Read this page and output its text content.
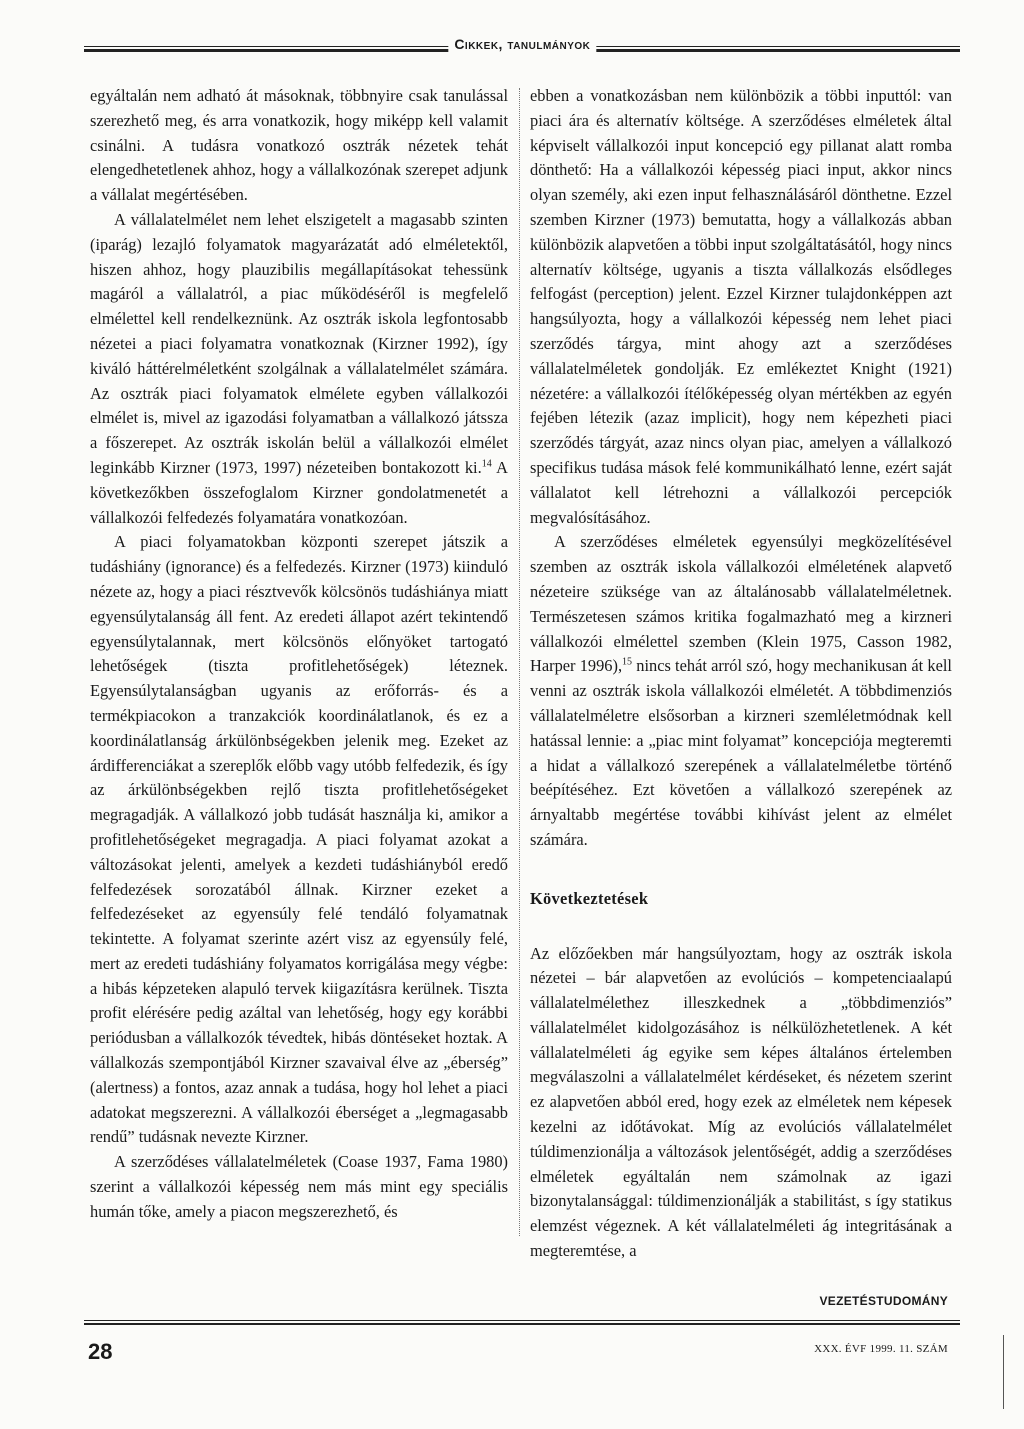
Cikkek, tanulmányok

egyáltalán nem adható át másoknak, többnyire csak tanulással szerezhető meg, és arra vonatkozik, hogy miképp kell valamit csinálni. A tudásra vonatkozó osztrák nézetek tehát elengedhetetlenek ahhoz, hogy a vállalkozónak szerepet adjunk a vállalat megértésében.

A vállalatelmélet nem lehet elszigetelt a magasabb szinten (iparág) lezajló folyamatok magyarázatát adó elméletektől, hiszen ahhoz, hogy plauzibilis megállapításokat tehessünk magáról a vállalatról, a piac működéséről is megfelelő elmélettel kell rendelkeznünk. Az osztrák iskola legfontosabb nézetei a piaci folyamatra vonatkoznak (Kirzner 1992), így kiváló háttérelméletként szolgálnak a vállalatelmélet számára. Az osztrák piaci folyamatok elmélete egyben vállalkozói elmélet is, mivel az igazodási folyamatban a vállalkozó játssza a főszerepet. Az osztrák iskolán belül a vállalkozói elmélet leginkább Kirzner (1973, 1997) nézeteiben bontakozott ki.$^{14}$ A következőkben összefoglalom Kirzner gondolatmenetét a vállalkozói felfedezés folyamatára vonatkozóan.

A piaci folyamatokban központi szerepet játszik a tudáshiány (ignorance) és a felfedezés. Kirzner (1973) kiinduló nézete az, hogy a piaci résztvevők kölcsönös tudáshiánya miatt egyensúlytalanság áll fent. Az eredeti állapot azért tekintendő egyensúlytalannak, mert kölcsönös előnyöket tartogató lehetőségek (tiszta profitlehetőségek) léteznek. Egyensúlytalanságban ugyanis az erőforrás- és a termékpiacokon a tranzakciók koordinálatlanok, és ez a koordinálatlanság árkülönbségekben jelenik meg. Ezeket az árdifferenciákat a szereplők előbb vagy utóbb felfedezik, és így az árkülönbségekben rejlő tiszta profitlehetőségeket megragadják. A vállalkozó jobb tudását használja ki, amikor a profitlehetőségeket megragadja. A piaci folyamat azokat a változásokat jelenti, amelyek a kezdeti tudáshiányból eredő felfedezések sorozatából állnak. Kirzner ezeket a felfedezéseket az egyensúly felé tendáló folyamatnak tekintette. A folyamat szerinte azért visz az egyensúly felé, mert az eredeti tudáshiány folyamatos korrigálása megy végbe: a hibás képzeteken alapuló tervek kiigazításra kerülnek. Tiszta profit elérésére pedig azáltal van lehetőség, hogy egy korábbi periódusban a vállalkozók tévedtek, hibás döntéseket hoztak. A vállalkozás szempontjából Kirzner szavaival élve az „éberség” (alertness) a fontos, azaz annak a tudása, hogy hol lehet a piaci adatokat megszerezni. A vállalkozói éberséget a „legmagasabb rendű” tudásnak nevezte Kirzner.

A szerződéses vállalatelméletek (Coase 1937, Fama 1980) szerint a vállalkozói képesség nem más mint egy speciális humán tőke, amely a piacon megszerezhető, és

ebben a vonatkozásban nem különbözik a többi inputtól: van piaci ára és alternatív költsége. A szerződéses elméletek által képviselt vállalkozói input koncepció egy pillanat alatt romba dönthető: Ha a vállalkozói képesség piaci input, akkor nincs olyan személy, aki ezen input felhasználásáról dönthetne. Ezzel szemben Kirzner (1973) bemutatta, hogy a vállalkozás abban különbözik alapvetően a többi input szolgáltatásától, hogy nincs alternatív költsége, ugyanis a tiszta vállalkozás elsődleges felfogást (perception) jelent. Ezzel Kirzner tulajdonképpen azt hangsúlyozta, hogy a vállalkozói képesség nem lehet piaci szerződés tárgya, mint ahogy azt a szerződéses vállalatelméletek gondolják. Ez emlékeztet Knight (1921) nézetére: a vállalkozói ítélőképesség olyan mértékben az egyén fejében létezik (azaz implicit), hogy nem képezheti piaci szerződés tárgyát, azaz nincs olyan piac, amelyen a vállalkozó specifikus tudása mások felé kommunikálható lenne, ezért saját vállalatot kell létrehozni a vállalkozói percepciók megvalósításához.

A szerződéses elméletek egyensúlyi megközelítésével szemben az osztrák iskola vállalkozói elméletének alapvető nézeteire szüksége van az általánosabb vállalatelméletnek. Természetesen számos kritika fogalmazható meg a kirzneri vállalkozói elmélettel szemben (Klein 1975, Casson 1982, Harper 1996),$^{15}$ nincs tehát arról szó, hogy mechanikusan át kell venni az osztrák iskola vállalkozói elméletét. A többdimenziós vállalatelméletre elsősorban a kirzneri szemléletmódnak kell hatással lennie: a „piac mint folyamat” koncepciója megteremti a hidat a vállalkozó szerepének a vállalatelméletbe történő beépítéséhez. Ezt követően a vállalkozó szerepének az árnyaltabb megértése további kihívást jelent az elmélet számára.

Következtetések

Az előzőekben már hangsúlyoztam, hogy az osztrák iskola nézetei – bár alapvetően az evolúciós – kompetenciaalapú vállalatelmélethez illeszkednek a „többdimenziós” vállalatelmélet kidolgozásához is nélkülözhetetlenek. A két vállalatelméleti ág egyike sem képes általános értelemben megválaszolni a vállalatelmélet kérdéseket, és nézetem szerint ez alapvetően abból ered, hogy ezek az elméletek nem képesek kezelni az időtávokat. Míg az evolúciós vállalatelmélet túldimenzionálja a változások jelentőségét, addig a szerződéses elméletek egyáltalán nem számolnak az igazi bizonytalansággal: túldimenzionálják a stabilitást, s így statikus elemzést végeznek. A két vállalatelméleti ág integritásának a megteremtése, a

VEZETÉSTUDOMÁNY
28	XXX. ÉVF 1999. 11. SZÁM
